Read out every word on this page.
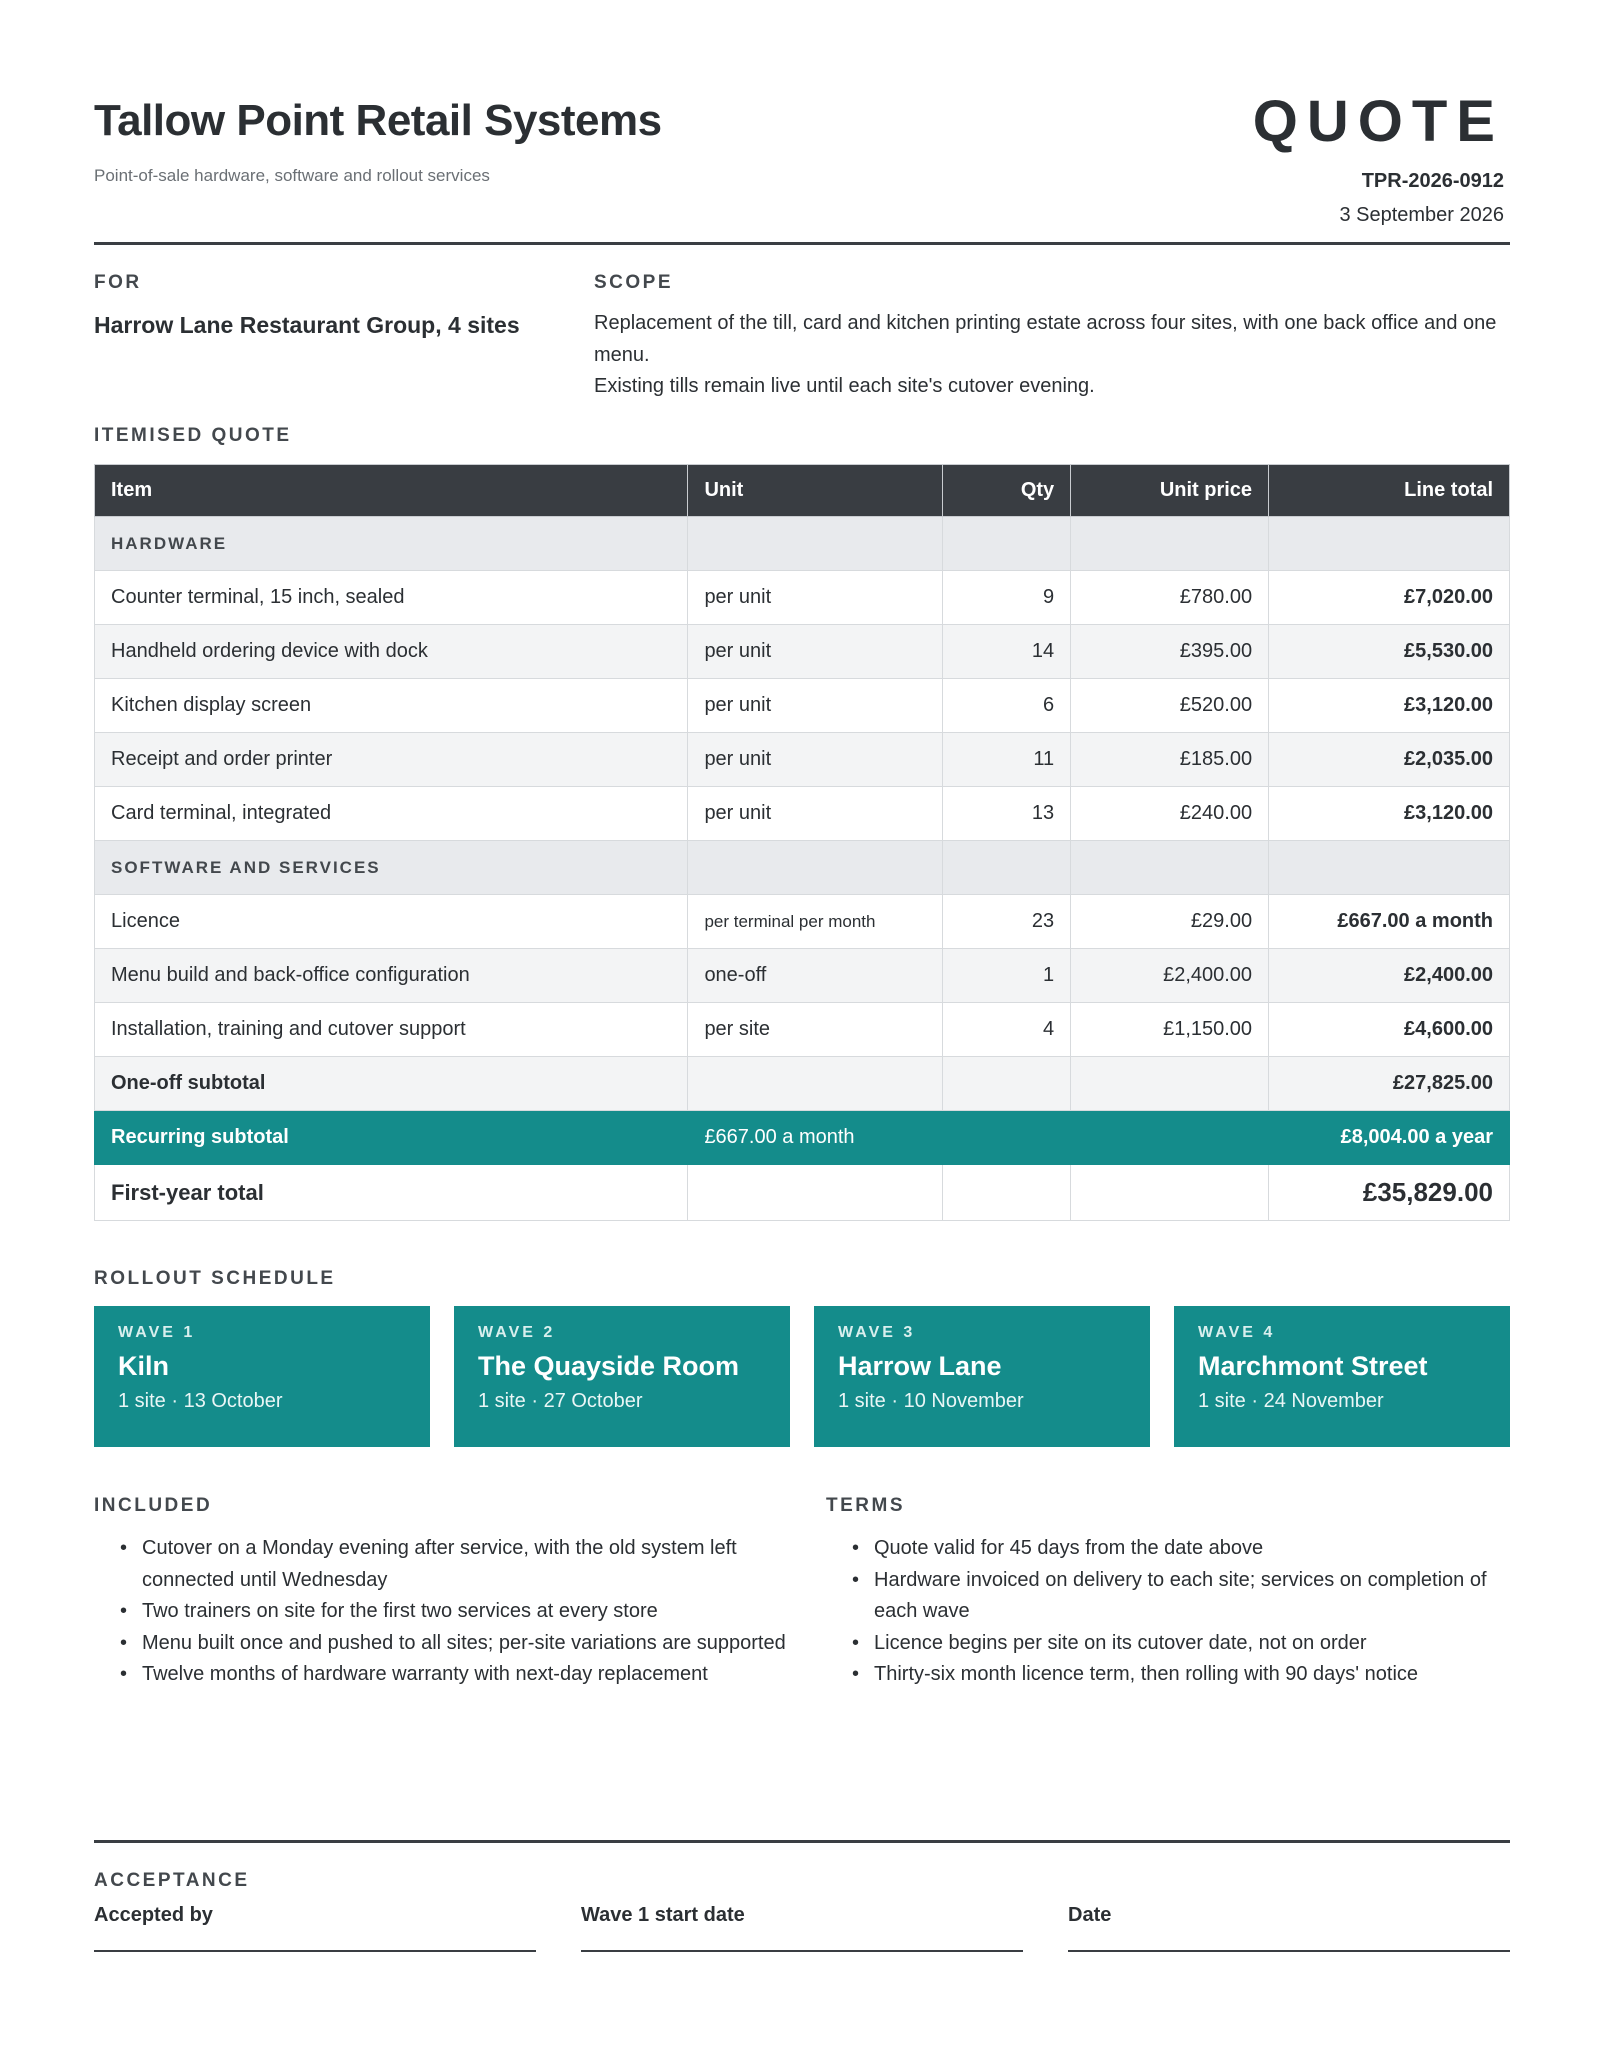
Tallow Point Retail Systems
Point-of-sale hardware, software and rollout services
QUOTE
TPR-2026-0912
3 September 2026
FOR
Harrow Lane Restaurant Group, 4 sites
SCOPE
Replacement of the till, card and kitchen printing estate across four sites, with one back office and one menu.
Existing tills remain live until each site's cutover evening.
ITEMISED QUOTE
Item	Unit	Qty	Unit price	Line total
HARDWARE				
Counter terminal, 15 inch, sealed	per unit	9	£780.00	£7,020.00
Handheld ordering device with dock	per unit	14	£395.00	£5,530.00
Kitchen display screen	per unit	6	£520.00	£3,120.00
Receipt and order printer	per unit	11	£185.00	£2,035.00
Card terminal, integrated	per unit	13	£240.00	£3,120.00
SOFTWARE AND SERVICES				
Licence	per terminal per month	23	£29.00	£667.00 a month
Menu build and back-office configuration	one-off	1	£2,400.00	£2,400.00
Installation, training and cutover support	per site	4	£1,150.00	£4,600.00
One-off subtotal				£27,825.00
Recurring subtotal	£667.00 a month			£8,004.00 a year
First-year total				£35,829.00
ROLLOUT SCHEDULE
WAVE 1
Kiln
1 site · 13 October
WAVE 2
The Quayside Room
1 site · 27 October
WAVE 3
Harrow Lane
1 site · 10 November
WAVE 4
Marchmont Street
1 site · 24 November
INCLUDED
• Cutover on a Monday evening after service, with the old system left connected until Wednesday
• Two trainers on site for the first two services at every store
• Menu built once and pushed to all sites; per-site variations are supported
• Twelve months of hardware warranty with next-day replacement
TERMS
• Quote valid for 45 days from the date above
• Hardware invoiced on delivery to each site; services on completion of each wave
• Licence begins per site on its cutover date, not on order
• Thirty-six month licence term, then rolling with 90 days' notice
ACCEPTANCE
Accepted by	Wave 1 start date	Date
